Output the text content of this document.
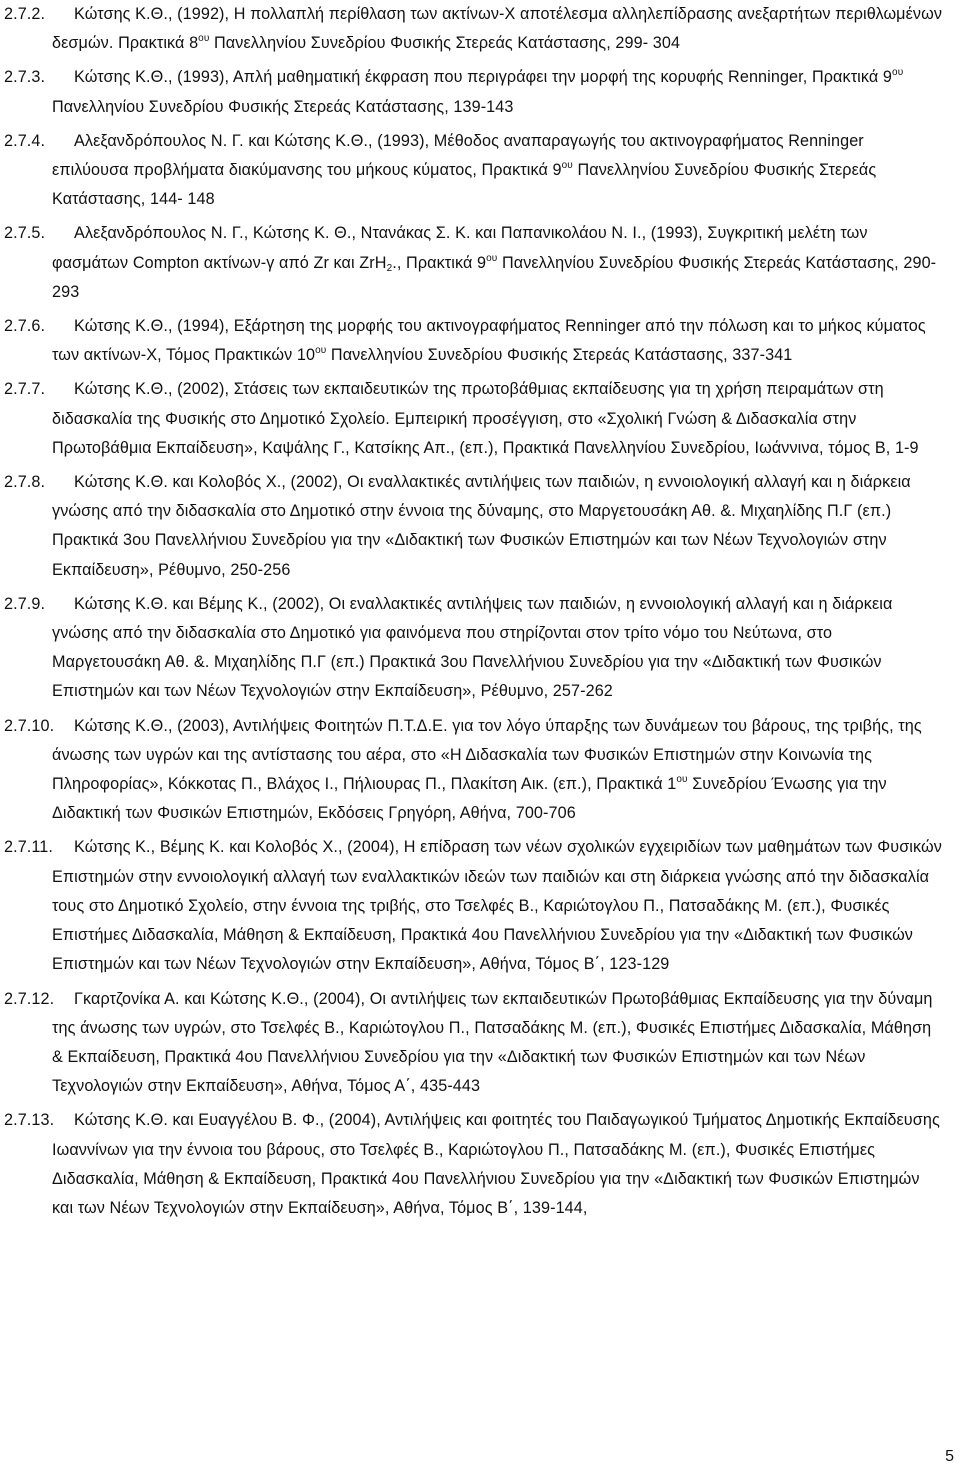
2.7.2.	Κώτσης Κ.Θ., (1992), Η πολλαπλή περίθλαση των ακτίνων-Χ αποτέλεσμα αλληλεπίδρασης ανεξαρτήτων περιθλωμένων δεσμών. Πρακτικά $8^{o\upsilon}$ Πανελληνίου Συνεδρίου Φυσικής Στερεάς Κατάστασης, 299- 304
2.7.3.	Κώτσης Κ.Θ., (1993), Απλή μαθηματική έκφραση που περιγράφει την μορφή της κορυφής Renninger, Πρακτικά $9^{o\upsilon}$ Πανελληνίου Συνεδρίου Φυσικής Στερεάς Κατάστασης, 139-143
2.7.4.	Αλεξανδρόπουλος Ν. Γ. και Κώτσης Κ.Θ., (1993), Μέθοδος αναπαραγωγής του ακτινογραφήματος Renninger επιλύουσα προβλήματα διακύμανσης του μήκους κύματος, Πρακτικά $9^{o\upsilon}$ Πανελληνίου Συνεδρίου Φυσικής Στερεάς Κατάστασης, 144- 148
2.7.5.	Αλεξανδρόπουλος Ν. Γ., Κώτσης Κ. Θ., Ντανάκας Σ. Κ. και Παπανικολάου Ν. Ι., (1993), Συγκριτική μελέτη των φασμάτων Compton ακτίνων-γ από Zr και ZrH$_2$., Πρακτικά $9^{o\upsilon}$ Πανελληνίου Συνεδρίου Φυσικής Στερεάς Κατάστασης, 290-293
2.7.6.	Κώτσης Κ.Θ., (1994), Εξάρτηση της μορφής του ακτινογραφήματος Renninger από την πόλωση και το μήκος κύματος των ακτίνων-Χ, Τόμος Πρακτικών $10^{o\upsilon}$ Πανελληνίου Συνεδρίου Φυσικής Στερεάς Κατάστασης, 337-341
2.7.7.	Κώτσης Κ.Θ., (2002), Στάσεις των εκπαιδευτικών της πρωτοβάθμιας εκπαίδευσης για τη χρήση πειραμάτων στη διδασκαλία της Φυσικής στο Δημοτικό Σχολείο. Εμπειρική προσέγγιση, στο «Σχολική Γνώση & Διδασκαλία στην Πρωτοβάθμια Εκπαίδευση», Καψάλης Γ., Κατσίκης Απ., (επ.), Πρακτικά Πανελληνίου Συνεδρίου, Ιωάννινα, τόμος Β, 1-9
2.7.8.	Κώτσης Κ.Θ. και Κολοβός Χ., (2002), Οι εναλλακτικές αντιλήψεις των παιδιών, η εννοιολογική αλλαγή και η διάρκεια γνώσης από την διδασκαλία στο Δημοτικό στην έννοια της δύναμης, στο Μαργετουσάκη Αθ. &. Μιχαηλίδης Π.Γ (επ.) Πρακτικά 3ου Πανελλήνιου Συνεδρίου για την «Διδακτική των Φυσικών Επιστημών και των Νέων Τεχνολογιών στην Εκπαίδευση», Ρέθυμνο, 250-256
2.7.9.	Κώτσης Κ.Θ. και Βέμης Κ., (2002), Οι εναλλακτικές αντιλήψεις των παιδιών, η εννοιολογική αλλαγή και η διάρκεια γνώσης από την διδασκαλία στο Δημοτικό για φαινόμενα που στηρίζονται στον τρίτο νόμο του Νεύτωνα, στο Μαργετουσάκη Αθ. &. Μιχαηλίδης Π.Γ (επ.) Πρακτικά 3ου Πανελλήνιου Συνεδρίου για την «Διδακτική των Φυσικών Επιστημών και των Νέων Τεχνολογιών στην Εκπαίδευση», Ρέθυμνο, 257-262
2.7.10.	Κώτσης Κ.Θ., (2003), Αντιλήψεις Φοιτητών Π.Τ.Δ.Ε. για τον λόγο ύπαρξης των δυνάμεων του βάρους, της τριβής, της άνωσης των υγρών και της αντίστασης του αέρα, στο «Η Διδασκαλία των Φυσικών Επιστημών στην Κοινωνία της Πληροφορίας», Κόκκοτας Π., Βλάχος Ι., Πήλιουρας Π., Πλακίτση Αικ. (επ.), Πρακτικά $1^{o\upsilon}$ Συνεδρίου Ένωσης για την Διδακτική των Φυσικών Επιστημών, Εκδόσεις Γρηγόρη, Αθήνα, 700-706
2.7.11.	Κώτσης Κ., Βέμης Κ. και Κολοβός Χ., (2004), Η επίδραση των νέων σχολικών εγχειριδίων των μαθημάτων των Φυσικών Επιστημών στην εννοιολογική αλλαγή των εναλλακτικών ιδεών των παιδιών και στη διάρκεια γνώσης από την διδασκαλία τους στο Δημοτικό Σχολείο, στην έννοια της τριβής, στο Τσελφές Β., Καριώτογλου Π., Πατσαδάκης Μ. (επ.), Φυσικές Επιστήμες Διδασκαλία, Μάθηση & Εκπαίδευση, Πρακτικά 4ου Πανελλήνιου Συνεδρίου για την «Διδακτική των Φυσικών Επιστημών και των Νέων Τεχνολογιών στην Εκπαίδευση», Αθήνα, Τόμος Β΄, 123-129
2.7.12.	Γκαρτζονίκα Α. και Κώτσης Κ.Θ., (2004), Οι αντιλήψεις των εκπαιδευτικών Πρωτοβάθμιας Εκπαίδευσης για την δύναμη της άνωσης των υγρών, στο Τσελφές Β., Καριώτογλου Π., Πατσαδάκης Μ. (επ.), Φυσικές Επιστήμες Διδασκαλία, Μάθηση & Εκπαίδευση, Πρακτικά 4ου Πανελλήνιου Συνεδρίου για την «Διδακτική των Φυσικών Επιστημών και των Νέων Τεχνολογιών στην Εκπαίδευση», Αθήνα, Τόμος Α΄, 435-443
2.7.13.	Κώτσης Κ.Θ. και Ευαγγέλου Β. Φ., (2004), Αντιλήψεις και φοιτητές του Παιδαγωγικού Τμήματος Δημοτικής Εκπαίδευσης Ιωαννίνων για την έννοια του βάρους, στο Τσελφές Β., Καριώτογλου Π., Πατσαδάκης Μ. (επ.), Φυσικές Επιστήμες Διδασκαλία, Μάθηση & Εκπαίδευση, Πρακτικά 4ου Πανελλήνιου Συνεδρίου για την «Διδακτική των Φυσικών Επιστημών και των Νέων Τεχνολογιών στην Εκπαίδευση», Αθήνα, Τόμος Β΄, 139-144,
5
